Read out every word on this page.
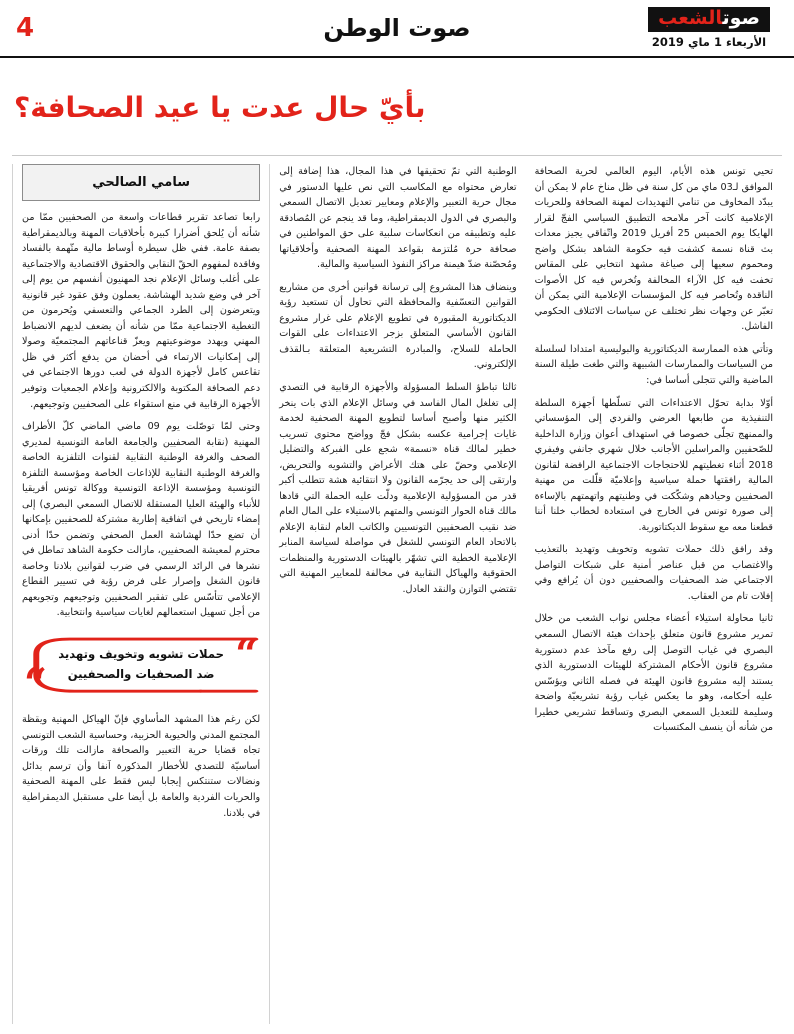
صوتالشعب
الأربعاء 1 ماي 2019
صوت الوطن
4
بأيّ حال عدت يا عيد الصحافة؟

تحيي تونس هذه الأيام، اليوم العالمي لحرية الصحافة الموافق لـ03 ماي من كل سنة في ظل مناخ عام لا يمكن أن يبدّد المخاوف من تنامي التهديدات لمهنة الصحافة وللحريات الإعلامية كانت آخر ملامحه التطبيق السياسي الفجّ لقرار الهايكا يوم الخميس 25 أفريل 2019 واتّفاقي يجيز معدات بث قناة نسمة كشفت فيه حكومة الشاهد بشكل واضح ومحموم سعيها إلى صياغة مشهد انتخابي على المقاس تخفت فيه كل الآراء المخالفة وتُخرس فيه كل الأصوات الناقدة وتُحاصر فيه كل المؤسسات الإعلامية التي يمكن أن تعبّر عن وجهات نظر تختلف عن سياسات الائتلاف الحكومي الفاشل.

وتأتي هذه الممارسة الديكتاتورية والبوليسية امتدادا لسلسلة من السياسات والممارسات الشبيهة والتي طغت طيلة السنة الماضية والتي تتجلى أساسا في:

أوّلا بداية تحوّل الاعتداءات التي تسلّطها أجهزة السلطة التنفيذية من طابعها العرضي والفردي إلى المؤسساتي والممنهج تجلّى خصوصا في استهداف أعوان وزارة الداخلية للصّحفيين والمراسلين الأجانب خلال شهري جانفي وفيفري 2018 أثناء تغطيتهم للاحتجاجات الاجتماعية الرافضة لقانون المالية رافقتها حملة سياسية وإعلاميّة قلّلت من مهنية الصحفيين وحيادهم وشكّكت في وطنيتهم واتهمتهم بالإساءة إلى صورة تونس في الخارج في استعادة لخطاب خلنا أننا قطعنا معه مع سقوط الديكتاتورية.

وقد رافق ذلك حملات تشويه وتخويف وتهديد بالتعذيب والاغتصاب من قبل عناصر أمنية على شبكات التواصل الاجتماعي ضد الصحفيات والصحفيين دون أن يُرافع وفي إفلات تام من العقاب.

ثانيا محاولة استيلاء أعضاء مجلس نواب الشعب من خلال تمرير مشروع قانون متعلق بإحداث هيئة الاتصال السمعي البصري في غياب التوصل إلى رفع مآخذ عدم دستورية مشروع قانون الأحكام المشتركة للهيئات الدستورية الذي يستند إليه مشروع قانون الهيئة في فصله الثاني ويؤسّس عليه أحكامه، وهو ما يعكس غياب رؤية تشريعيّة واضحة وسليمة للتعديل السمعي البصري وتساقط تشريعي خطيرا من شأنه أن ينسف المكتسبات

الوطنية التي تمّ تحقيقها في هذا المجال، هذا إضافة إلى تعارض محتواه مع المكاسب التي نص عليها الدستور في مجال حرية التعبير والإعلام ومعايير تعديل الاتصال السمعي والبصري في الدول الديمقراطية، وما قد ينجم عن المُصادقة عليه وتطبيقه من انعكاسات سلبية على حق المواطنين في صحافة حرة مُلتزمة بقواعد المهنة الصحفية وأخلاقياتها ومُحصّنة ضدّ هيمنة مراكز النفوذ السياسية والمالية.

وينضاف هذا المشروع إلى ترسانة قوانين أخرى من مشاريع القوانين التعسّفية والمحافظة التي تحاول أن تستعيد رؤية الديكتاتورية المقبورة في تطويع الإعلام على غرار مشروع القانون الأساسي المتعلق بزجر الاعتداءات على القوات الحاملة للسلاح، والمبادرة التشريعية المتعلقة بـالقذف الإلكتروني.

ثالثا تباطؤ السلط المسؤولة والأجهزة الرقابية في التصدي إلى تغلغل المال الفاسد في وسائل الإعلام الذي بات ينخر الكثير منها وأصبح أساسا لتطويع المهنة الصحفية لخدمة غايات إجرامية عكسه بشكل فجّ وواضح محتوى تسريب خطير لمالك قناة «نسمة» شجع على الفبركة والتضليل الإعلامي وحضّ على هتك الأعراض والتشويه والتحريض، وارتقى إلى حد يجرّمه القانون ولا انتقائية هشة تتطلب أكبر قدر من المسؤولية الإعلامية ودلّت عليه الحملة التي قادها مالك قناة الحوار التونسي والمتهم بالاستيلاء على المال العام ضد نقيب الصحفيين التونسيين والكاتب العام لنقابة الإعلام بالاتحاد العام التونسي للشغل في مواصلة لسياسة المنابر الإعلامية الخطية التي تشهّر بالهيئات الدستورية والمنظمات الحقوقية والهياكل النقابية في مخالفة للمعايير المهنية التي تقتضي التوازن والنقد العادل.

سامي الصالحي

رابعا تصاعد تقرير قطاعات واسعة من الصحفيين ممّا من شأنه أن يُلحق أضرارا كبيرة بأخلاقيات المهنة وبالديمقراطية بصفة عامة. ففي ظل سيطرة أوساط مالية متّهمة بالفساد وفاقدة لمفهوم الحقّ النقابي والحقوق الاقتصادية والاجتماعية على أغلب وسائل الإعلام نجد المهنيون أنفسهم من يوم إلى آخر في وضع شديد الهشاشة. يعملون وفق عقود غير قانونية ويتعرضون إلى الطرد الجماعي والتعسفي ويُحرمون من التغطية الاجتماعية ممّا من شأنه أن يضعف لديهم الانضباط المهني ويهدد موضوعيتهم ويعزّ قناعاتهم المجتمعيّة وصولا إلى إمكانيات الارتماء في أحضان من يدفع أكثر في ظل تقاعس كامل لأجهزة الدولة في لعب دورها الاجتماعي في دعم الصحافة المكتوبة والالكترونية وإعلام الجمعيات وتوفير الأجهزة الرقابية في منع استقواء على الصحفيين وتوجيعهم.

وحتى لمّا توصّلت يوم 09 ماضي الماضي كلّ الأطراف المهنية (نقابة الصحفيين والجامعة العامة التونسية لمديري الصحف والغرفة الوطنية النقابية لقنوات التلفزية الخاصة والغرفة الوطنية النقابية للإذاعات الخاصة ومؤسسة التلفزة التونسية ومؤسسة الإذاعة التونسية ووكالة تونس أفريقيا للأنباء والهيئة العليا المستقلة للاتصال السمعي البصري) إلى إمضاء تاريخي في اتفاقية إطارية مشتركة للصحفيين بإمكانها أن تضع حدّا لهشاشة العمل الصحفي وتضمن حدّا أدنى محترم لمعيشة الصحفيين، مازالت حكومة الشاهد تماطل في نشرها في الرائد الرسمي في ضرب لقوانين بلادنا وخاصة قانون الشغل وإصرار على فرض رؤية في تسيير القطاع الإعلامي تتأسّس على تفقير الصحفيين وتوجيعهم وتجويعهم من أجل تسهيل استعمالهم لغايات سياسية وانتخابية.

“
حملات تشويه وتخويف وتهديد ضد الصحفيات والصحفيين
“

لكن رغم هذا المشهد المأساوي فإنّ الهياكل المهنية ويقظة المجتمع المدني والحيوية الحزبية، وحساسية الشعب التونسي تجاه قضايا حرية التعبير والصحافة مازالت تلك ورقات أساسيّة للتصدي للأخطار المذكورة آنفا وأن ترسم بدائل ونضالات ستنتكس إيجابا ليس فقط على المهنة الصحفية والحريات الفردية والعامة بل أيضا على مستقبل الديمقراطية في بلادنا.
